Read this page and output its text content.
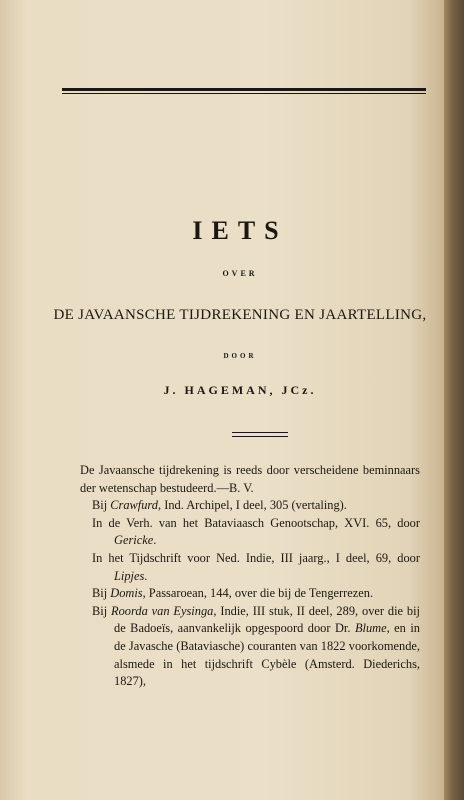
IETS
OVER
DE JAVAANSCHE TIJDREKENING EN JAARTELLING,
DOOR
J. HAGEMAN, JCz.

De Javaansche tijdrekening is reeds door verscheidene beminnaars der wetenschap bestudeerd.—B. V.

Bij Crawfurd, Ind. Archipel, I deel, 305 (vertaling).

In de Verh. van het Bataviaasch Genootschap, XVI. 65, door Gericke.

In het Tijdschrift voor Ned. Indie, III jaarg., I deel, 69, door Lipjes.

Bij Domis, Passaroean, 144, over die bij de Tengerrezen.

Bij Roorda van Eysinga, Indie, III stuk, II deel, 289, over die bij de Badoeïs, aanvankelijk opgespoord door Dr. Blume, en in de Javasche (Bataviasche) couranten van 1822 voorkomende, alsmede in het tijdschrift Cybèle (Amsterd. Diederichs, 1827),
